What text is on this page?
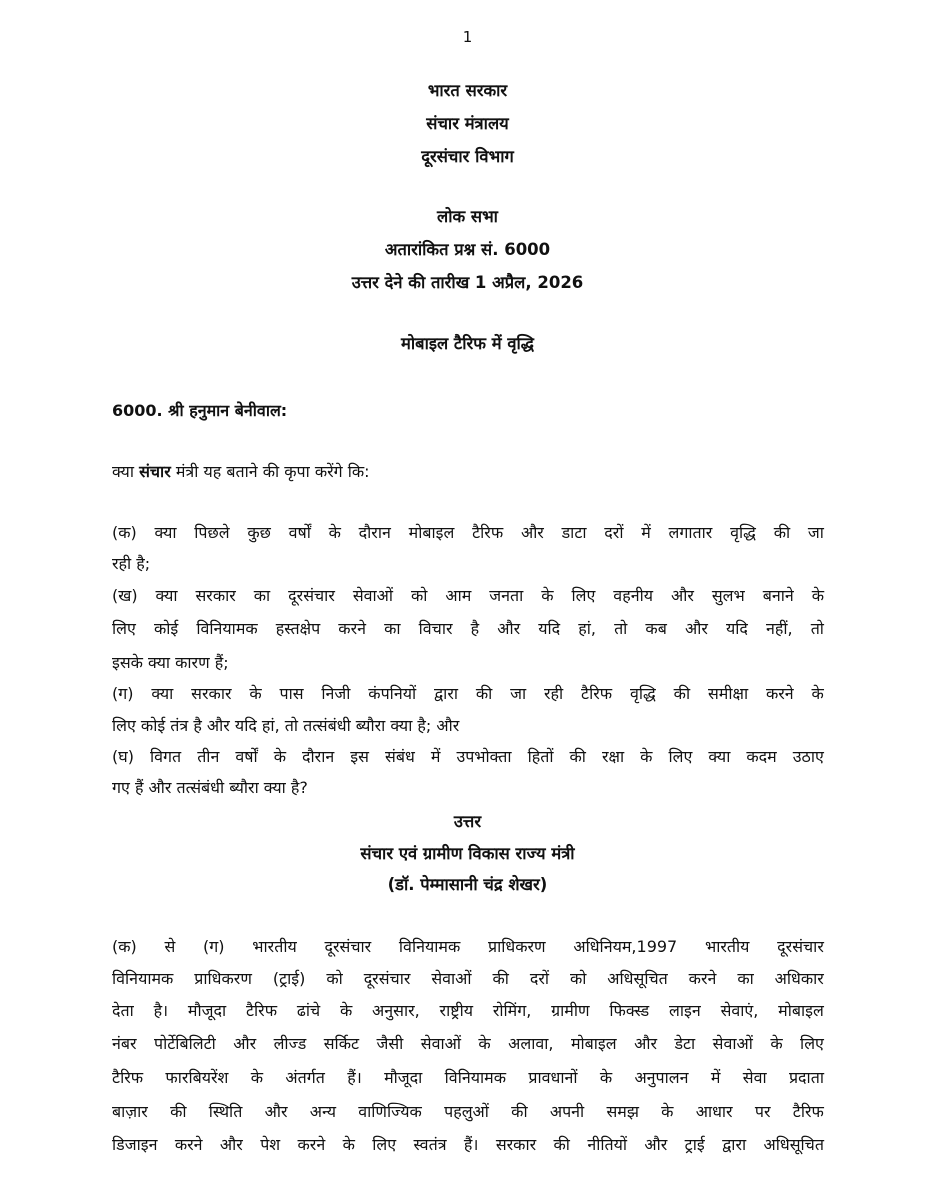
1
भारत सरकार
संचार मंत्रालय
दूरसंचार विभाग
लोक सभा
अतारांकित प्रश्न सं. 6000
उत्तर देने की तारीख 1 अप्रैल, 2026
मोबाइल टैरिफ में वृद्धि
6000. श्री हनुमान बेनीवाल:
क्या संचार मंत्री यह बताने की कृपा करेंगे कि:
(क) क्या पिछले कुछ वर्षों के दौरान मोबाइल टैरिफ और डाटा दरों में लगातार वृद्धि की जा
रही है;
(ख) क्या सरकार का दूरसंचार सेवाओं को आम जनता के लिए वहनीय और सुलभ बनाने के
लिए कोई विनियामक हस्तक्षेप करने का विचार है और यदि हां, तो कब और यदि नहीं, तो
इसके क्या कारण हैं;
(ग) क्या सरकार के पास निजी कंपनियों द्वारा की जा रही टैरिफ वृद्धि की समीक्षा करने के
लिए कोई तंत्र है और यदि हां, तो तत्संबंधी ब्यौरा क्या है; और
(घ) विगत तीन वर्षों के दौरान इस संबंध में उपभोक्ता हितों की रक्षा के लिए क्या कदम उठाए
गए हैं और तत्संबंधी ब्यौरा क्या है?
उत्तर
संचार एवं ग्रामीण विकास राज्य मंत्री
(डॉ. पेम्मासानी चंद्र शेखर)
(क) से (ग) भारतीय दूरसंचार विनियामक प्राधिकरण अधिनियम,1997 भारतीय दूरसंचार
विनियामक प्राधिकरण (ट्राई) को दूरसंचार सेवाओं की दरों को अधिसूचित करने का अधिकार
देता है। मौजूदा टैरिफ ढांचे के अनुसार, राष्ट्रीय रोमिंग, ग्रामीण फिक्स्ड लाइन सेवाएं, मोबाइल
नंबर पोर्टेबिलिटी और लीज्ड सर्किट जैसी सेवाओं के अलावा, मोबाइल और डेटा सेवाओं के लिए
टैरिफ फारबियरेंश के अंतर्गत हैं। मौजूदा विनियामक प्रावधानों के अनुपालन में सेवा प्रदाता
बाज़ार की स्थिति और अन्य वाणिज्यिक पहलुओं की अपनी समझ के आधार पर टैरिफ
डिजाइन करने और पेश करने के लिए स्वतंत्र हैं। सरकार की नीतियों और ट्राई द्वारा अधिसूचित
